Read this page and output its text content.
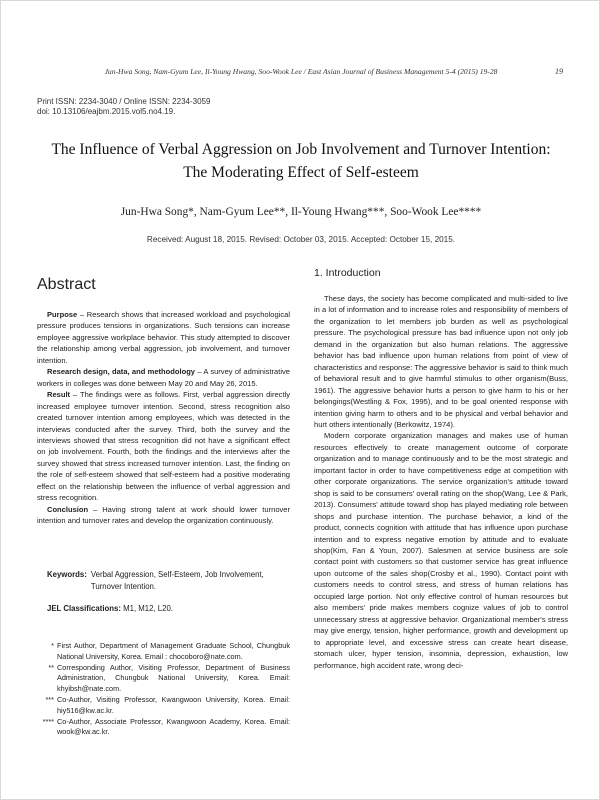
Jun-Hwa Song, Nam-Gyum Lee, Il-Young Hwang, Soo-Wook Lee / East Asian Journal of Business Management 5-4 (2015) 19-28	19
Print ISSN: 2234-3040 / Online ISSN: 2234-3059
doi: 10.13106/eajbm.2015.vol5.no4.19.
The Influence of Verbal Aggression on Job Involvement and Turnover Intention:
The Moderating Effect of Self-esteem
Jun-Hwa Song*, Nam-Gyum Lee**, Il-Young Hwang***, Soo-Wook Lee****
Received: August 18, 2015. Revised: October 03, 2015. Accepted: October 15, 2015.
Abstract

Purpose – Research shows that increased workload and psychological pressure produces tensions in organizations. Such tensions can increase employee aggressive workplace behavior. This study attempted to discover the relationship among verbal aggression, job involvement, and turnover intention.

Research design, data, and methodology – A survey of administrative workers in colleges was done between May 20 and May 26, 2015.

Result – The findings were as follows. First, verbal aggression directly increased employee turnover intention. Second, stress recognition also created turnover intention among employees, which was detected in the interviews conducted after the survey. Third, both the survey and the interviews showed that stress recognition did not have a significant effect on job involvement. Fourth, both the findings and the interviews after the survey showed that stress increased turnover intention. Last, the finding on the role of self-esteem showed that self-esteem had a positive moderating effect on the relationship between the influence of verbal aggression and stress recognition.

Conclusion – Having strong talent at work should lower turnover intention and turnover rates and develop the organization continuously.

Keywords: Verbal Aggression, Self-Esteem, Job Involvement, Turnover Intention.
JEL Classifications: M1, M12, L20.
* First Author, Department of Management Graduate School, Chungbuk National University, Korea. Email : chocoboro@nate.com.
** Corresponding Author, Visiting Professor, Department of Business Administration, Chungbuk National University, Korea. Email: khyibsh@nate.com.
*** Co-Author, Visiting Professor, Kwangwoon University, Korea. Email: hiy516@kw.ac.kr.
**** Co-Author, Associate Professor, Kwangwoon Academy, Korea. Email: wook@kw.ac.kr.
1. Introduction

These days, the society has become complicated and multi-sided to live in a lot of information and to increase roles and responsibility of members of the organization to let members job burden as well as psychological pressure. The psychological pressure has bad influence upon not only job demand in the organization but also human relations. The aggressive behavior has bad influence upon human relations from point of view of characteristics and response: The aggressive behavior is said to think much of behavioral result and to give harmful stimulus to other organism(Buss, 1961). The aggressive behavior hurts a person to give harm to his or her belongings(Westling & Fox, 1995), and to be goal oriented response with intention giving harm to others and to be physical and verbal behavior and hurt others intentionally (Berkowitz, 1974).

Modern corporate organization manages and makes use of human resources effectively to create management outcome of corporate organization and to manage continuously and to be the most strategic and important factor in order to have competitiveness edge at competition with other corporate organizations. The service organization's attitude toward shop is said to be consumers' overall rating on the shop(Wang, Lee & Park, 2013). Consumers' attitude toward shop has played mediating role between shops and purchase intention. The purchase behavior, a kind of the product, connects cognition with attitude that has influence upon purchase intention and to express negative emotion by attitude and to evaluate shop(Kim, Fan & Youn, 2007). Salesmen at service business are sole contact point with customers so that customer service has great influence upon outcome of the sales shop(Crosby et al., 1990). Contact point with customers needs to control stress, and stress of human relations has occupied large portion. Not only effective control of human resources but also members' pride makes members cognize values of job to control unnecessary stress at aggressive behavior. Organizational member's stress may give energy, tension, higher performance, growth and development up to appropriate level, and excessive stress can create heart disease, stomach ulcer, hyper tension, insomnia, depression, exhaustion, low performance, high accident rate, wrong deci-
